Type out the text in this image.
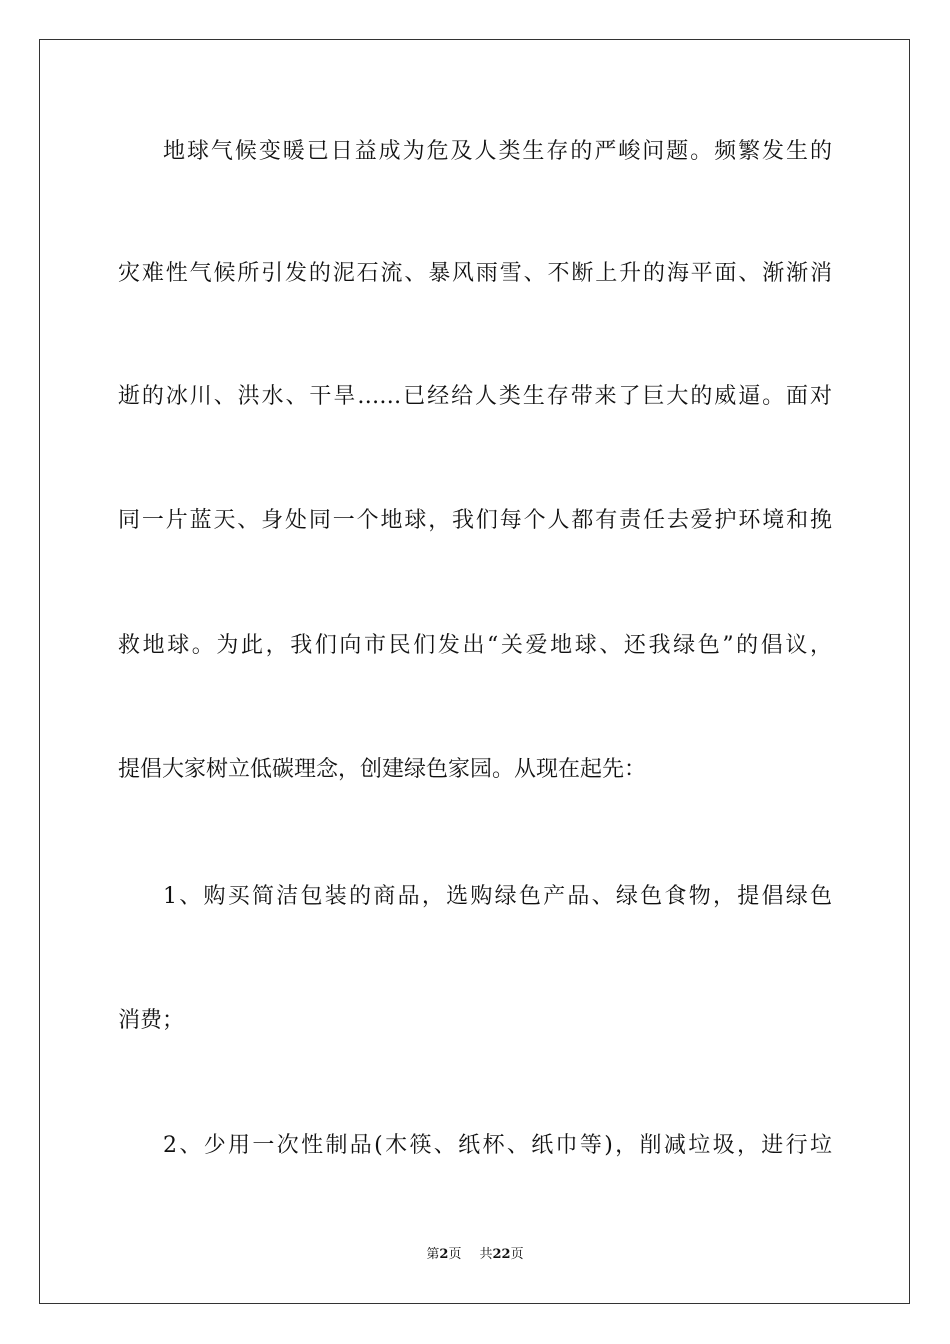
地球气候变暖已日益成为危及人类生存的严峻问题。频繁发生的
灾难性气候所引发的泥石流、暴风雨雪、不断上升的海平面、渐渐消
逝的冰川、洪水、干旱……已经给人类生存带来了巨大的威逼。面对
同一片蓝天、身处同一个地球，我们每个人都有责任去爱护环境和挽
救地球。为此，我们向市民们发出“关爱地球、还我绿色”的倡议，
提倡大家树立低碳理念，创建绿色家园。从现在起先：
1、购买简洁包装的商品，选购绿色产品、绿色食物，提倡绿色
消费；
2、少用一次性制品(木筷、纸杯、纸巾等)，削减垃圾，进行垃
第2页 共22页
